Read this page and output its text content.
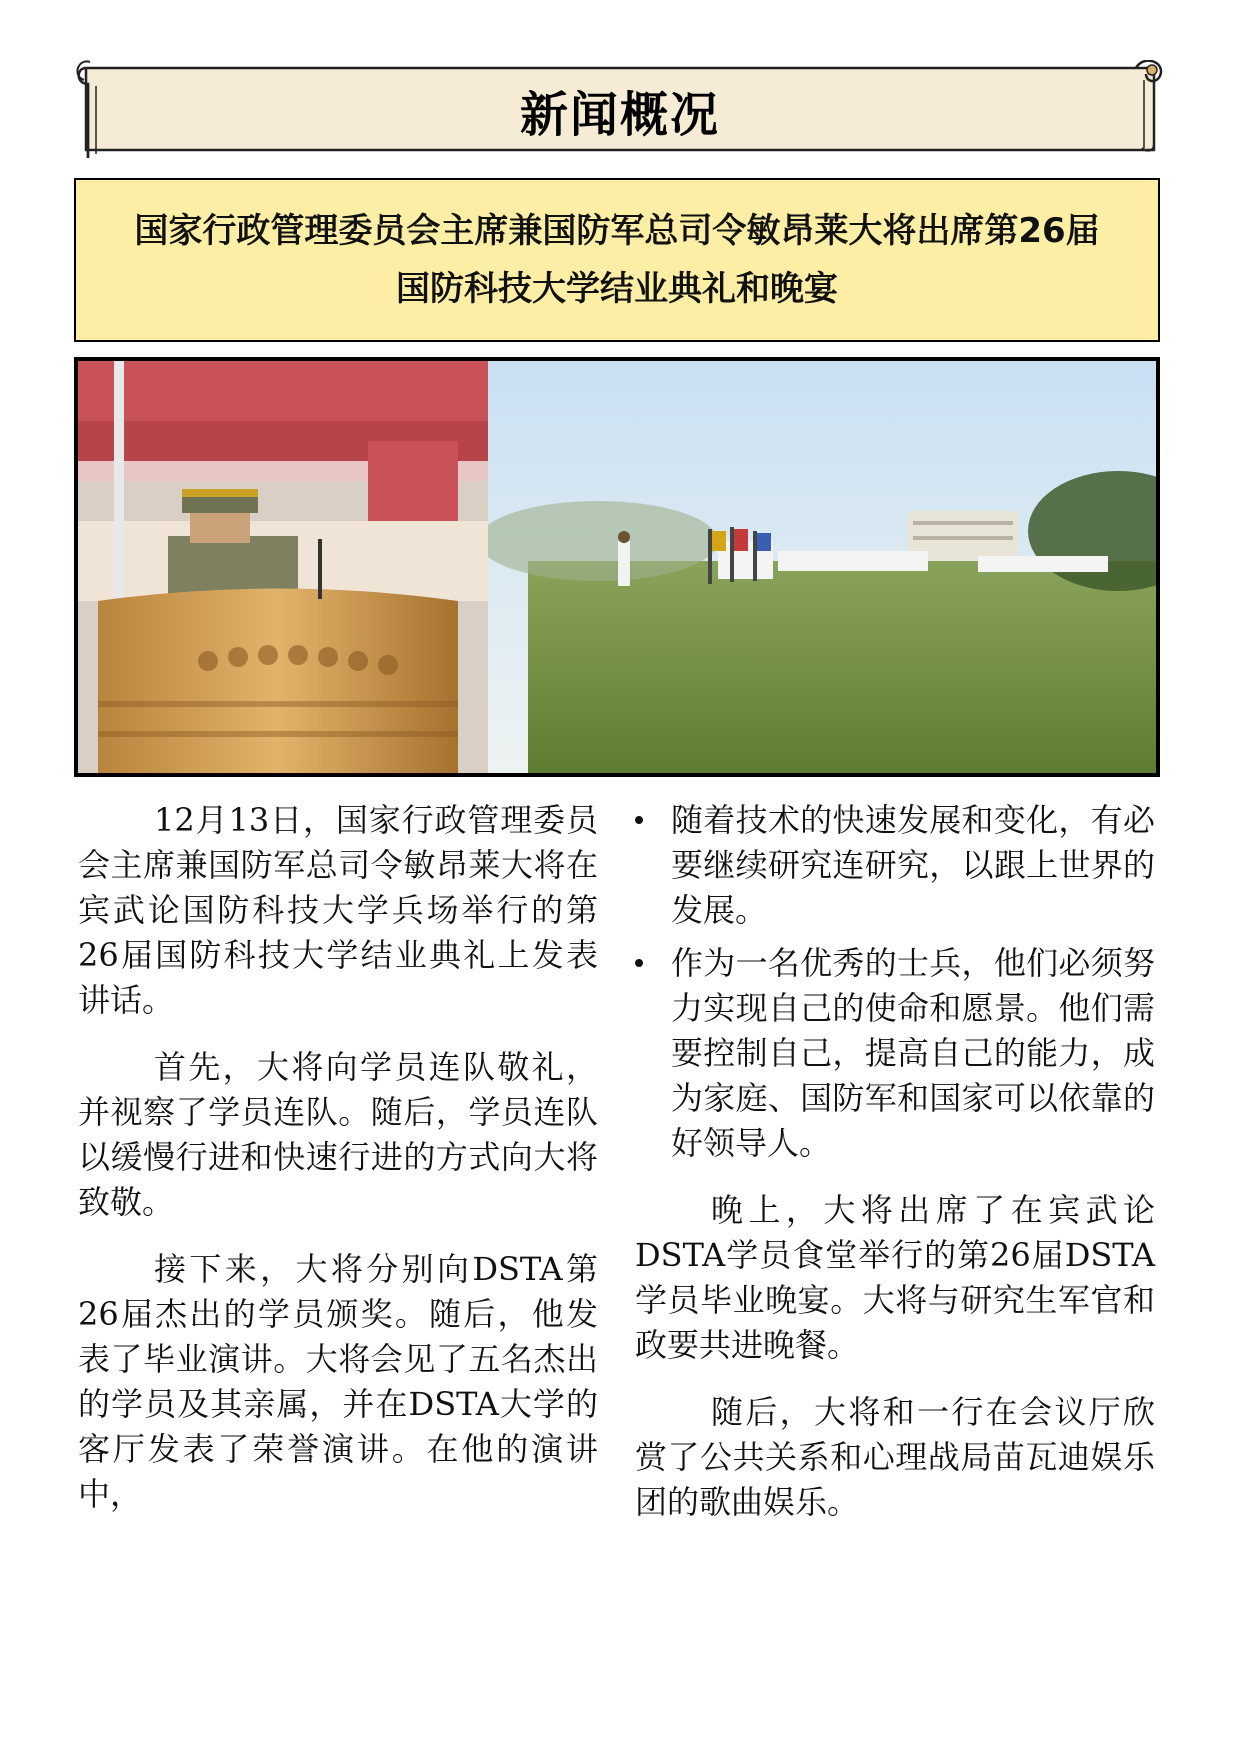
新闻概况
国家行政管理委员会主席兼国防军总司令敏昂莱大将出席第26届
国防科技大学结业典礼和晚宴

12月13日，国家行政管理委员会主席兼国防军总司令敏昂莱大将在宾武论国防科技大学兵场举行的第26届国防科技大学结业典礼上发表讲话。

首先，大将向学员连队敬礼，并视察了学员连队。随后，学员连队以缓慢行进和快速行进的方式向大将致敬。

接下来，大将分别向DSTA第26届杰出的学员颁奖。随后，他发表了毕业演讲。大将会见了五名杰出的学员及其亲属，并在DSTA大学的客厅发表了荣誉演讲。在他的演讲中，

随着技术的快速发展和变化，有必要继续研究连研究，以跟上世界的发展。
作为一名优秀的士兵，他们必须努力实现自己的使命和愿景。他们需要控制自己，提高自己的能力，成为家庭、国防军和国家可以依靠的好领导人。

晚上，大将出席了在宾武论DSTA学员食堂举行的第26届DSTA学员毕业晚宴。大将与研究生军官和政要共进晚餐。

随后，大将和一行在会议厅欣赏了公共关系和心理战局苗瓦迪娱乐团的歌曲娱乐。
